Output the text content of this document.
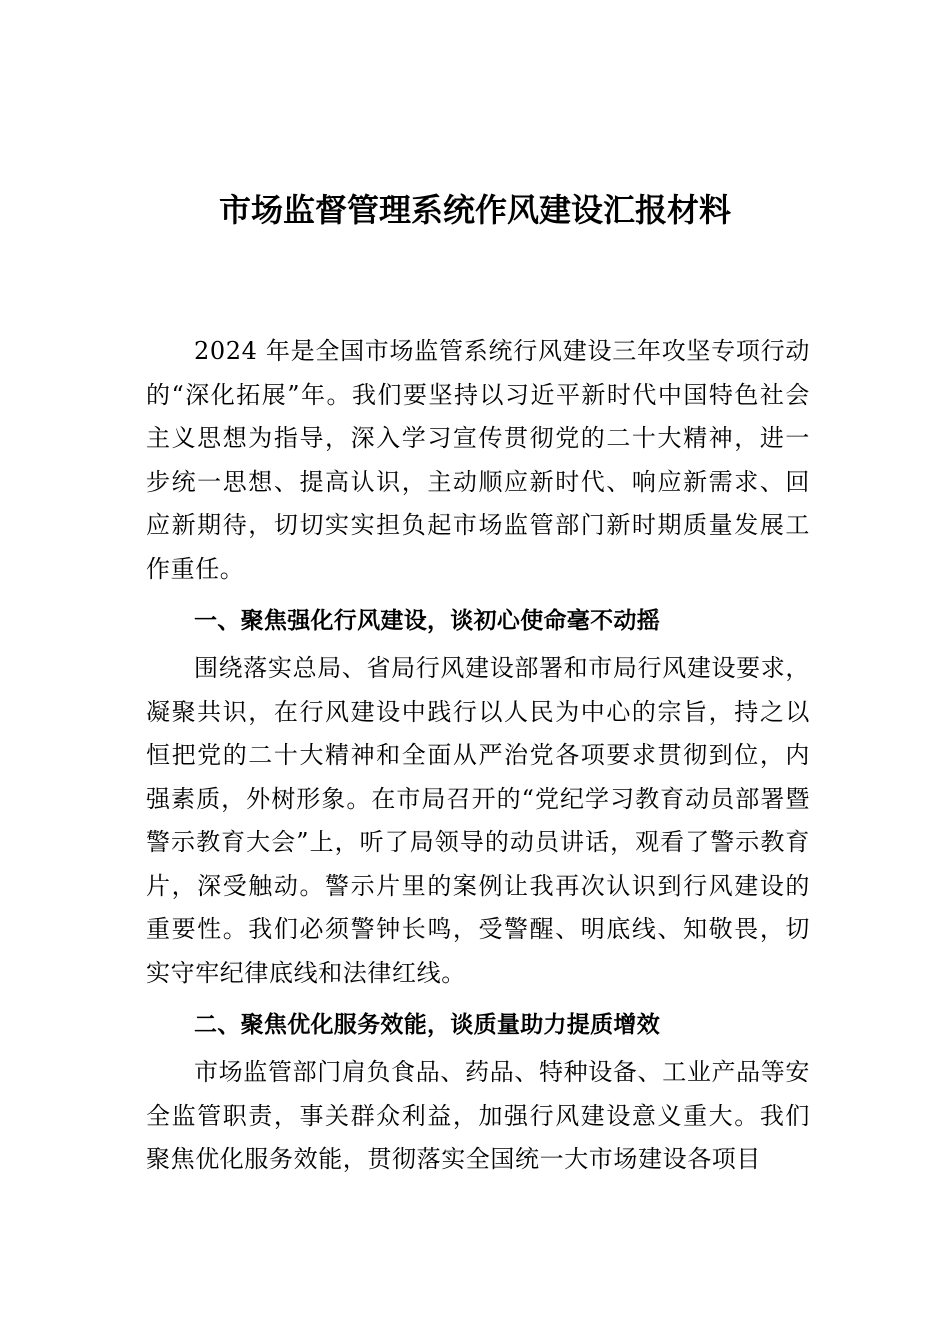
市场监督管理系统作风建设汇报材料

2024 年是全国市场监管系统行风建设三年攻坚专项行动的“深化拓展”年。我们要坚持以习近平新时代中国特色社会主义思想为指导，深入学习宣传贯彻党的二十大精神，进一步统一思想、提高认识，主动顺应新时代、响应新需求、回应新期待，切切实实担负起市场监管部门新时期质量发展工作重任。

一、聚焦强化行风建设，谈初心使命毫不动摇

围绕落实总局、省局行风建设部署和市局行风建设要求，凝聚共识，在行风建设中践行以人民为中心的宗旨，持之以恒把党的二十大精神和全面从严治党各项要求贯彻到位，内强素质，外树形象。在市局召开的“党纪学习教育动员部署暨警示教育大会”上，听了局领导的动员讲话，观看了警示教育片，深受触动。警示片里的案例让我再次认识到行风建设的重要性。我们必须警钟长鸣，受警醒、明底线、知敬畏，切实守牢纪律底线和法律红线。

二、聚焦优化服务效能，谈质量助力提质增效

市场监管部门肩负食品、药品、特种设备、工业产品等安全监管职责，事关群众利益，加强行风建设意义重大。我们聚焦优化服务效能，贯彻落实全国统一大市场建设各项目
